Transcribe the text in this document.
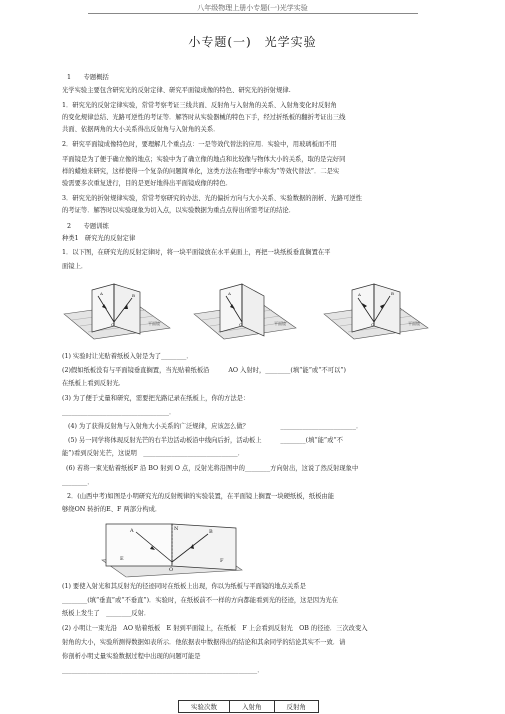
八年级物理上册小专题(一)光学实验
小专题(一)　光学实验
1　　专题概括
光学实验主要包含研究光的反射定律、研究平面镜成像的特色、研究光的折射规律.
1．研究光的反射定律实验，常常考察考证三线共面、反射角与入射角的关系、入射角变化时反射角
的变化规律总结、光路可逆性的考证等．解答时从实验器械的特色下手，经过折纸板的翻折考证出三线
共面、依据两角的大小关系得出反射角与入射角的关系．
2．研究平面镜成像特色时，要理解几个重点点：一是等效代替法的应用．实验中，用玻璃板而不用
平面镜是为了便于确立像的地点；实验中为了确立像的地点和比较像与物体大小的关系，取的是完好同
样的蜡烛来研究，这样使得一个复杂的问题简单化，这类方法在物理学中称为“等效代替法”．二是实
验需要多次重复进行，目的是更好地得出平面镜成像的特色．
3．研究光的折射规律实验，常常考察研究的办法、光的偏折方向与大小关系、实验数据的剖析、光路可逆性
的考证等．解答时以实验现象为切入点，以实验数据为重点点得出所需考证的结论．
2　　专题训练
种类1　研究光的反射定律
1．以下图，在研究光的反射定律时，将一块平面镜放在水平桌面上，再把一块纸板垂直搁置在平
面镜上．
A
O
B
平面镜
A
O	平面镜
A
O
B
平面镜
(1) 实验时让光贴着纸板入射是为了________．
(2)假如纸板没有与平面镜垂直搁置，当光贴着纸板沿　　　AO 入射时，________(填“能”或“不可以”)
在纸板上看到反射光．
(3) 为了便于丈量和研究，需要把光路记录在纸板上，你的方法是：
__________________________________．
(4) 为了获得反射角与入射角大小关系的广泛规律，应该怎么做？　　　　　________________________．
(5) 另一同学将体现反射光芒的右半边活动板沿中线向后折，活动板上　　　________(填“能”或“不
能”)看到反射光芒，这说明　______________________________．
(6) 若将一束光贴着纸板F 沿 BO 射到 O 点，反射光将沿图中的________方向射出，这说了然反射现象中
________．
2．(山西中考)如图是小明研究光的反射规律的实验装置，在平面镜上搁置一块硬纸板，纸板由能
够绕ON 转折的E、F 两部分构成．
A
O
B
E	F
N
(1) 要使入射光和其反射光的径迹同时在纸板上出现，你以为纸板与平面镜的地点关系是
________(填“垂直”或“不垂直”)．实验时，在纸板前不一样的方向都能看到光的径迹，这是因为光在
纸板上发生了　________反射．
(2) 小明让一束光沿　AO 贴着纸板　E 射到平面镜上，在纸板　F 上会看到反射光　OB 的径迹．三次改变入
射角的大小，实验所测得数据如表所示．他依据表中数据得出的结论和其余同学的结论其实不一致．请
你剖析小明丈量实验数据过程中出现的问题可能是
______________________________________________________________．
实验次数	入射角	反射角
